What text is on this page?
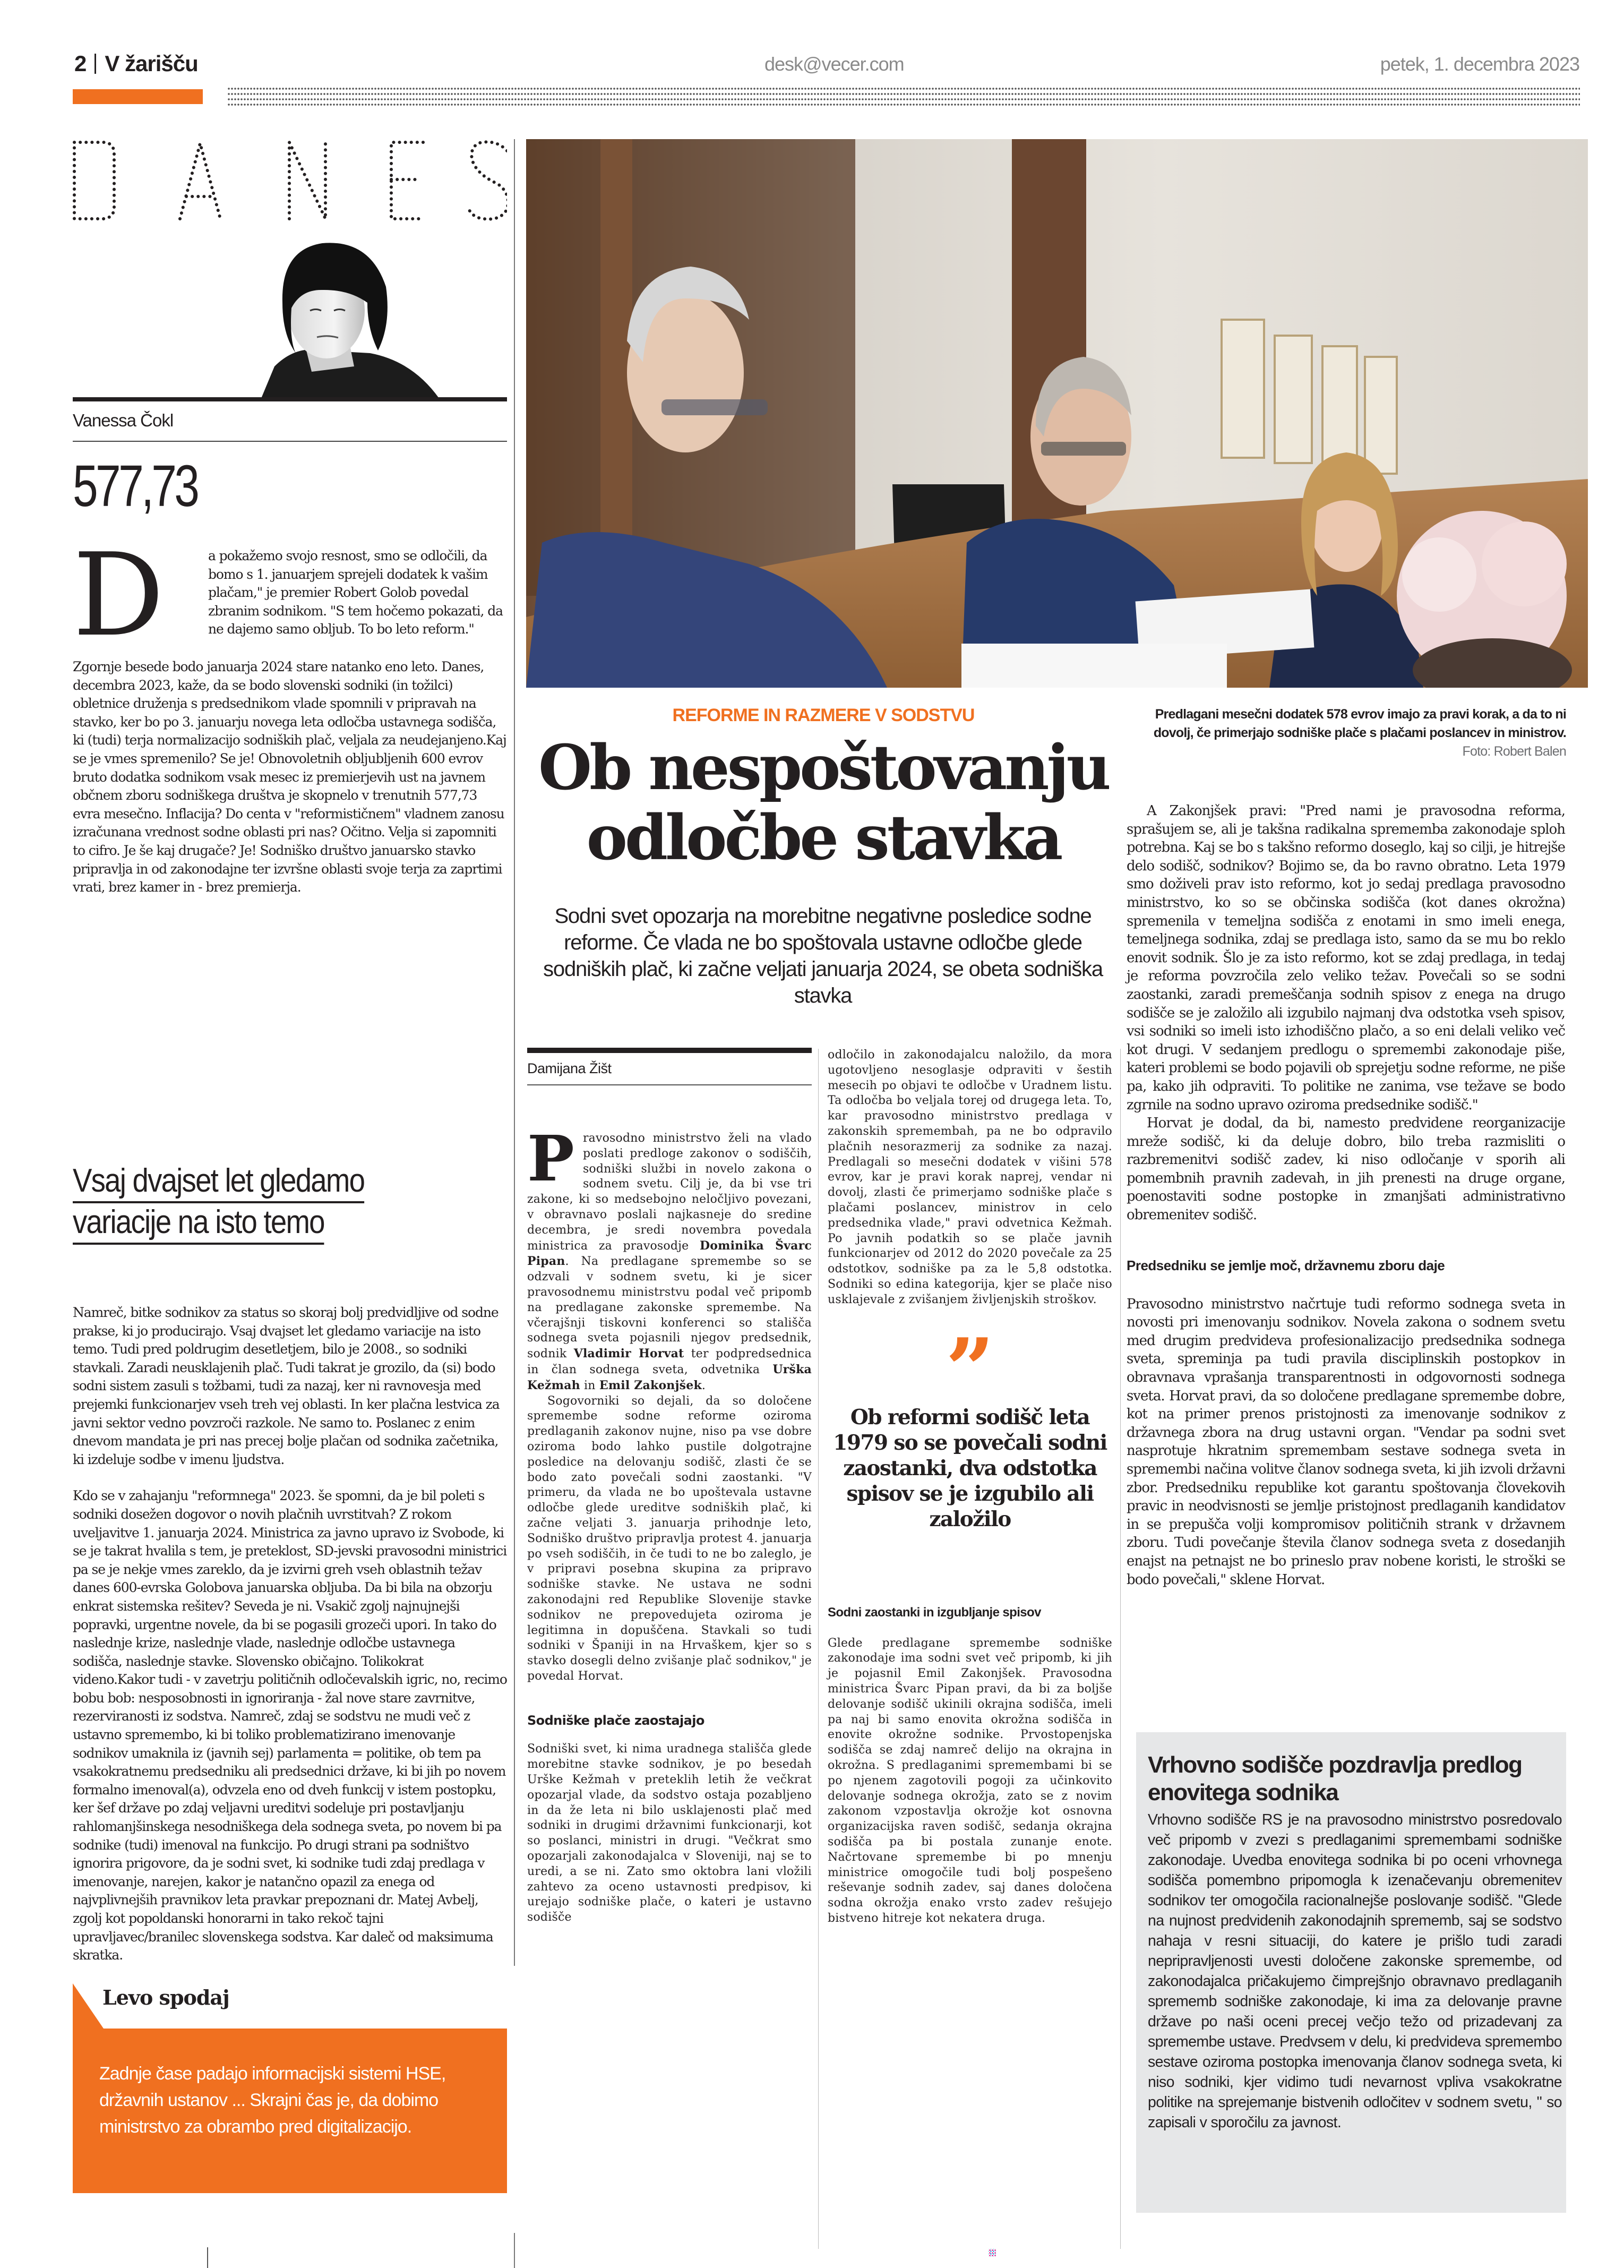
2 V žarišču	desk@vecer.com	petek, 1. decembra 2023
Vanessa Čokl
577,73
D	a pokažemo svojo resnost, smo se odločili, da bomo s 1. januarjem sprejeli dodatek k vašim plačam," je premier Robert Golob povedal zbranim sodnikom. "S tem hočemo pokazati, da ne dajemo samo obljub. To bo leto reform."

Zgornje besede bodo januarja 2024 stare natanko eno leto. Danes, decembra 2023, kaže, da se bodo slovenski sodniki (in tožilci) obletnice druženja s predsednikom vlade spomnili v pripravah na stavko, ker bo po 3. januarju novega leta odločba ustavnega sodišča, ki (tudi) terja normalizacijo sodniških plač, veljala za neudejanjeno.Kaj se je vmes spremenilo? Se je! Obnovoletnih obljubljenih 600 evrov bruto dodatka sodnikom vsak mesec iz premierjevih ust na javnem občnem zboru sodniškega društva je skopnelo v trenutnih 577,73 evra mesečno. Inflacija? Do centa v "reformističnem" vladnem zanosu izračunana vrednost sodne oblasti pri nas? Očitno. Velja si zapomniti to cifro. Je še kaj drugače? Je! Sodniško društvo januarsko stavko pripravlja in od zakonodajne ter izvršne oblasti svoje terja za zaprtimi vrati, brez kamer in - brez premierja.

Vsaj dvajset let gledamo variacije na isto temo

Namreč, bitke sodnikov za status so skoraj bolj predvidljive od sodne prakse, ki jo producirajo. Vsaj dvajset let gledamo variacije na isto temo. Tudi pred poldrugim desetletjem, bilo je 2008., so sodniki stavkali. Zaradi neusklajenih plač. Tudi takrat je grozilo, da (si) bodo sodni sistem zasuli s tožbami, tudi za nazaj, ker ni ravnovesja med prejemki funkcionarjev vseh treh vej oblasti. In ker plačna lestvica za javni sektor vedno povzroči razkole. Ne samo to. Poslanec z enim dnevom mandata je pri nas precej bolje plačan od sodnika začetnika, ki izdeluje sodbe v imenu ljudstva.

Kdo se v zahajanju "reformnega" 2023. še spomni, da je bil poleti s sodniki dosežen dogovor o novih plačnih uvrstitvah? Z rokom uveljavitve 1. januarja 2024. Ministrica za javno upravo iz Svobode, ki se je takrat hvalila s tem, je preteklost, SD-jevski pravosodni ministrici pa se je nekje vmes zareklo, da je izvirni greh vseh oblastnih težav danes 600-evrska Golobova januarska obljuba. Da bi bila na obzorju enkrat sistemska rešitev? Seveda je ni. Vsakič zgolj najnujnejši popravki, urgentne novele, da bi se pogasili grozeči upori. In tako do naslednje krize, naslednje vlade, naslednje odločbe ustavnega sodišča, naslednje stavke. Slovensko običajno. Tolikokrat videno.Kakor tudi - v zavetrju političnih odločevalskih igric, no, recimo bobu bob: nesposobnosti in ignoriranja - žal nove stare zavrnitve, rezerviranosti iz sodstva. Namreč, zdaj se sodstvu ne mudi več z ustavno spremembo, ki bi toliko problematizirano imenovanje sodnikov umaknila iz (javnih sej) parlamenta = politike, ob tem pa vsakokratnemu predsedniku ali predsednici države, ki bi jih po novem formalno imenoval(a), odvzela eno od dveh funkcij v istem postopku, ker šef države po zdaj veljavni ureditvi sodeluje pri postavljanju rahlomanjšinskega nesodniškega dela sodnega sveta, po novem bi pa sodnike (tudi) imenoval na funkcijo. Po drugi strani pa sodništvo ignorira prigovore, da je sodni svet, ki sodnike tudi zdaj predlaga v imenovanje, narejen, kakor je natančno opazil za enega od najvplivnejših pravnikov leta pravkar prepoznani dr. Matej Avbelj, zgolj kot popoldanski honorarni in tako rekoč tajni upravljavec/branilec slovenskega sodstva. Kar daleč od maksimuma skratka.

Levo spodaj
Zadnje čase padajo informacijski sistemi HSE, državnih ustanov ... Skrajni čas je, da dobimo ministrstvo za obrambo pred digitalizacijo.
REFORME IN RAZMERE V SODSTVU
Ob nespoštovanju odločbe stavka
Sodni svet opozarja na morebitne negativne posledice sodne reforme. Če vlada ne bo spoštovala ustavne odločbe glede sodniških plač, ki začne veljati januarja 2024, se obeta sodniška stavka
Predlagani mesečni dodatek 578 evrov imajo za pravi korak, a da to ni dovolj, če primerjajo sodniške plače s plačami poslancev in ministrov. Foto: Robert Balen
Damijana Žišt
P ravosodno ministrstvo želi na vlado poslati predloge zakonov o sodiščih, sodniški službi in novelo zakona o sodnem svetu. Cilj je, da bi vse tri zakone, ki so medsebojno neločljivo povezani, v obravnavo poslali najkasneje do sredine decembra, je sredi novembra povedala ministrica za pravosodje Dominika Švarc Pipan. Na predlagane spremembe so se odzvali v sodnem svetu, ki je sicer pravosodnemu ministrstvu podal več pripomb na predlagane zakonske spremembe. Na včerajšnji tiskovni konferenci so stališča sodnega sveta pojasnili njegov predsednik, sodnik Vladimir Horvat ter podpredsednica in član sodnega sveta, odvetnika Urška Kežmah in Emil Zakonjšek.

Sogovorniki so dejali, da so določene spremembe sodne reforme oziroma predlaganih zakonov nujne, niso pa vse dobre oziroma bodo lahko pustile dolgotrajne posledice na delovanju sodišč, zlasti če se bodo zato povečali sodni zaostanki. "V primeru, da vlada ne bo upoštevala ustavne odločbe glede ureditve sodniških plač, ki začne veljati 3. januarja prihodnje leto, Sodniško društvo pripravlja protest 4. januarja po vseh sodiščih, in če tudi to ne bo zaleglo, je v pripravi posebna skupina za pripravo sodniške stavke. Ne ustava ne sodni zakonodajni red Republike Slovenije stavke sodnikov ne prepovedujeta oziroma je legitimna in dopuščena. Stavkali so tudi sodniki v Španiji in na Hrvaškem, kjer so s stavko dosegli delno zvišanje plač sodnikov," je povedal Horvat.

Sodniške plače zaostajajo

Sodniški svet, ki nima uradnega stališča glede morebitne stavke sodnikov, je po besedah Urške Kežmah v preteklih letih že večkrat opozarjal vlade, da sodstvo ostaja pozabljeno in da že leta ni bilo usklajenosti plač med sodniki in drugimi državnimi funkcionarji, kot so poslanci, ministri in drugi. "Večkrat smo opozarjali zakonodajalca v Sloveniji, naj se to uredi, a se ni. Zato smo oktobra lani vložili zahtevo za oceno ustavnosti predpisov, ki urejajo sodniške plače, o kateri je ustavno sodišče

odločilo in zakonodajalcu naložilo, da mora ugotovljeno nesoglasje odpraviti v šestih mesecih po objavi te odločbe v Uradnem listu. Ta odločba bo veljala torej od drugega leta. To, kar pravosodno ministrstvo predlaga v zakonskih spremembah, pa ne bo odpravilo plačnih nesorazmerij za sodnike za nazaj. Predlagali so mesečni dodatek v višini 578 evrov, kar je pravi korak naprej, vendar ni dovolj, zlasti če primerjamo sodniške plače s plačami poslancev, ministrov in celo predsednika vlade," pravi odvetnica Kežmah. Po javnih podatkih so se plače javnih funkcionarjev od 2012 do 2020 povečale za 25 odstotkov, sodniške pa za le 5,8 odstotka. Sodniki so edina kategorija, kjer se plače niso usklajevale z zvišanjem življenjskih stroškov.

”
Ob reformi sodišč leta 1979 so se povečali sodni zaostanki, dva odstotka spisov se je izgubilo ali založilo
Sodni zaostanki in izgubljanje spisov

Glede predlagane spremembe sodniške zakonodaje ima sodni svet več pripomb, ki jih je pojasnil Emil Zakonjšek. Pravosodna ministrica Švarc Pipan pravi, da bi za boljše delovanje sodišč ukinili okrajna sodišča, imeli pa naj bi samo enovita okrožna sodišča in enovite okrožne sodnike. Prvostopenjska sodišča se zdaj namreč delijo na okrajna in okrožna. S predlaganimi spremembami bi se po njenem zagotovili pogoji za učinkovito delovanje sodnega okrožja, zato se z novim zakonom vzpostavlja okrožje kot osnovna organizacijska raven sodišč, sedanja okrajna sodišča pa bi postala zunanje enote. Načrtovane spremembe bi po mnenju ministrice omogočile tudi bolj pospešeno reševanje sodnih zadev, saj danes določena sodna okrožja enako vrsto zadev rešujejo bistveno hitreje kot nekatera druga.

A Zakonjšek pravi: "Pred nami je pravosodna reforma, sprašujem se, ali je takšna radikalna sprememba zakonodaje sploh potrebna. Kaj se bo s takšno reformo doseglo, kaj so cilji, je hitrejše delo sodišč, sodnikov? Bojimo se, da bo ravno obratno. Leta 1979 smo doživeli prav isto reformo, kot jo sedaj predlaga pravosodno ministrstvo, ko so se občinska sodišča (kot danes okrožna) spremenila v temeljna sodišča z enotami in smo imeli enega, temeljnega sodnika, zdaj se predlaga isto, samo da se mu bo reklo enovit sodnik. Šlo je za isto reformo, kot se zdaj predlaga, in tedaj je reforma povzročila zelo veliko težav. Povečali so se sodni zaostanki, zaradi premeščanja sodnih spisov z enega na drugo sodišče se je založilo ali izgubilo najmanj dva odstotka vseh spisov, vsi sodniki so imeli isto izhodiščno plačo, a so eni delali veliko več kot drugi. V sedanjem predlogu o spremembi zakonodaje piše, kateri problemi se bodo pojavili ob sprejetju sodne reforme, ne piše pa, kako jih odpraviti. To politike ne zanima, vse težave se bodo zgrnile na sodno upravo oziroma predsednike sodišč."

Horvat je dodal, da bi, namesto predvidene reorganizacije mreže sodišč, ki da deluje dobro, bilo treba razmisliti o razbremenitvi sodišč zadev, ki niso odločanje v sporih ali pomembnih pravnih zadevah, in jih prenesti na druge organe, poenostaviti sodne postopke in zmanjšati administrativno obremenitev sodišč.

Predsedniku se jemlje moč, državnemu zboru daje

Pravosodno ministrstvo načrtuje tudi reformo sodnega sveta in novosti pri imenovanju sodnikov. Novela zakona o sodnem svetu med drugim predvideva profesionalizacijo predsednika sodnega sveta, spreminja pa tudi pravila disciplinskih postopkov in obravnava vprašanja transparentnosti in odgovornosti sodnega sveta. Horvat pravi, da so določene predlagane spremembe dobre, kot na primer prenos pristojnosti za imenovanje sodnikov z državnega zbora na drug ustavni organ. "Vendar pa sodni svet nasprotuje hkratnim spremembam sestave sodnega sveta in spremembi načina volitve članov sodnega sveta, ki jih izvoli državni zbor. Predsedniku republike kot garantu spoštovanja človekovih pravic in neodvisnosti se jemlje pristojnost predlaganih kandidatov in se prepušča volji kompromisov političnih strank v državnem zboru. Tudi povečanje števila članov sodnega sveta z dosedanjih enajst na petnajst ne bo prineslo prav nobene koristi, le stroški se bodo povečali," sklene Horvat.

Vrhovno sodišče pozdravlja predlog enovitega sodnika
Vrhovno sodišče RS je na pravosodno ministrstvo posredovalo več pripomb v zvezi s predlaganimi spremembami sodniške zakonodaje. Uvedba enovitega sodnika bi po oceni vrhovnega sodišča pomembno pripomogla k izenačevanju obremenitev sodnikov ter omogočila racionalnejše poslovanje sodišč. "Glede na nujnost predvidenih zakonodajnih sprememb, saj se sodstvo nahaja v resni situaciji, do katere je prišlo tudi zaradi nepripravljenosti uvesti določene zakonske spremembe, od zakonodajalca pričakujemo čimprejšnjo obravnavo predlaganih sprememb sodniške zakonodaje, ki ima za delovanje pravne države po naši oceni precej večjo težo od prizadevanj za spremembe ustave. Predvsem v delu, ki predvideva spremembo sestave oziroma postopka imenovanja članov sodnega sveta, ki niso sodniki, kjer vidimo tudi nevarnost vpliva vsakokratne politike na sprejemanje bistvenih odločitev v sodnem svetu, " so zapisali v sporočilu za javnost.
